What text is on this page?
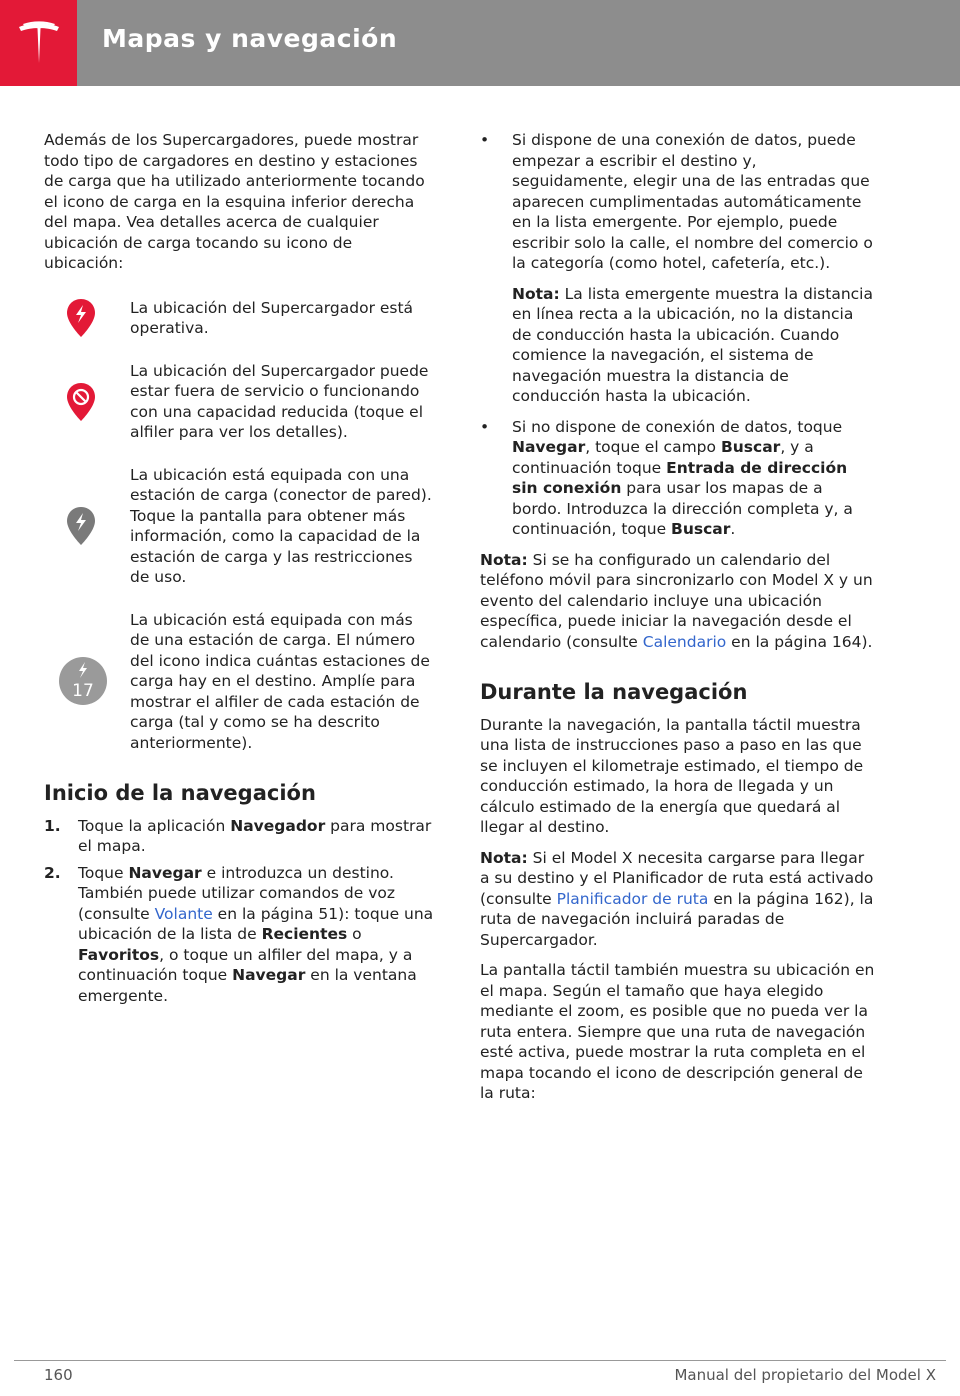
Mapas y navegación

Además de los Supercargadores, puede mostrar todo tipo de cargadores en destino y estaciones de carga que ha utilizado anteriormente tocando el icono de carga en la esquina inferior derecha del mapa. Vea detalles acerca de cualquier ubicación de carga tocando su icono de ubicación:

La ubicación del Supercargador está operativa.
La ubicación del Supercargador puede estar fuera de servicio o funcionando con una capacidad reducida (toque el alfiler para ver los detalles).
La ubicación está equipada con una estación de carga (conector de pared). Toque la pantalla para obtener más información, como la capacidad de la estación de carga y las restricciones de uso.
17
La ubicación está equipada con más de una estación de carga. El número del icono indica cuántas estaciones de carga hay en el destino. Amplíe para mostrar el alfiler de cada estación de carga (tal y como se ha descrito anteriormente).
Inicio de la navegación
1. Toque la aplicación Navegador para mostrar el mapa.
2. Toque Navegar e introduzca un destino. También puede utilizar comandos de voz (consulte Volante en la página 51): toque una ubicación de la lista de Recientes o Favoritos, o toque un alfiler del mapa, y a continuación toque Navegar en la ventana emergente.
• Si dispone de una conexión de datos, puede empezar a escribir el destino y, seguidamente, elegir una de las entradas que aparecen cumplimentadas automáticamente en la lista emergente. Por ejemplo, puede escribir solo la calle, el nombre del comercio o la categoría (como hotel, cafetería, etc.).
Nota: La lista emergente muestra la distancia en línea recta a la ubicación, no la distancia de conducción hasta la ubicación. Cuando comience la navegación, el sistema de navegación muestra la distancia de conducción hasta la ubicación.
• Si no dispone de conexión de datos, toque Navegar, toque el campo Buscar, y a continuación toque Entrada de dirección sin conexión para usar los mapas de a bordo. Introduzca la dirección completa y, a continuación, toque Buscar.

Nota: Si se ha configurado un calendario del teléfono móvil para sincronizarlo con Model X y un evento del calendario incluye una ubicación específica, puede iniciar la navegación desde el calendario (consulte Calendario en la página 164).

Durante la navegación

Durante la navegación, la pantalla táctil muestra una lista de instrucciones paso a paso en las que se incluyen el kilometraje estimado, el tiempo de conducción estimado, la hora de llegada y un cálculo estimado de la energía que quedará al llegar al destino.

Nota: Si el Model X necesita cargarse para llegar a su destino y el Planificador de ruta está activado (consulte Planificador de ruta en la página 162), la ruta de navegación incluirá paradas de Supercargador.

La pantalla táctil también muestra su ubicación en el mapa. Según el tamaño que haya elegido mediante el zoom, es posible que no pueda ver la ruta entera. Siempre que una ruta de navegación esté activa, puede mostrar la ruta completa en el mapa tocando el icono de descripción general de la ruta:

160	Manual del propietario del Model X
